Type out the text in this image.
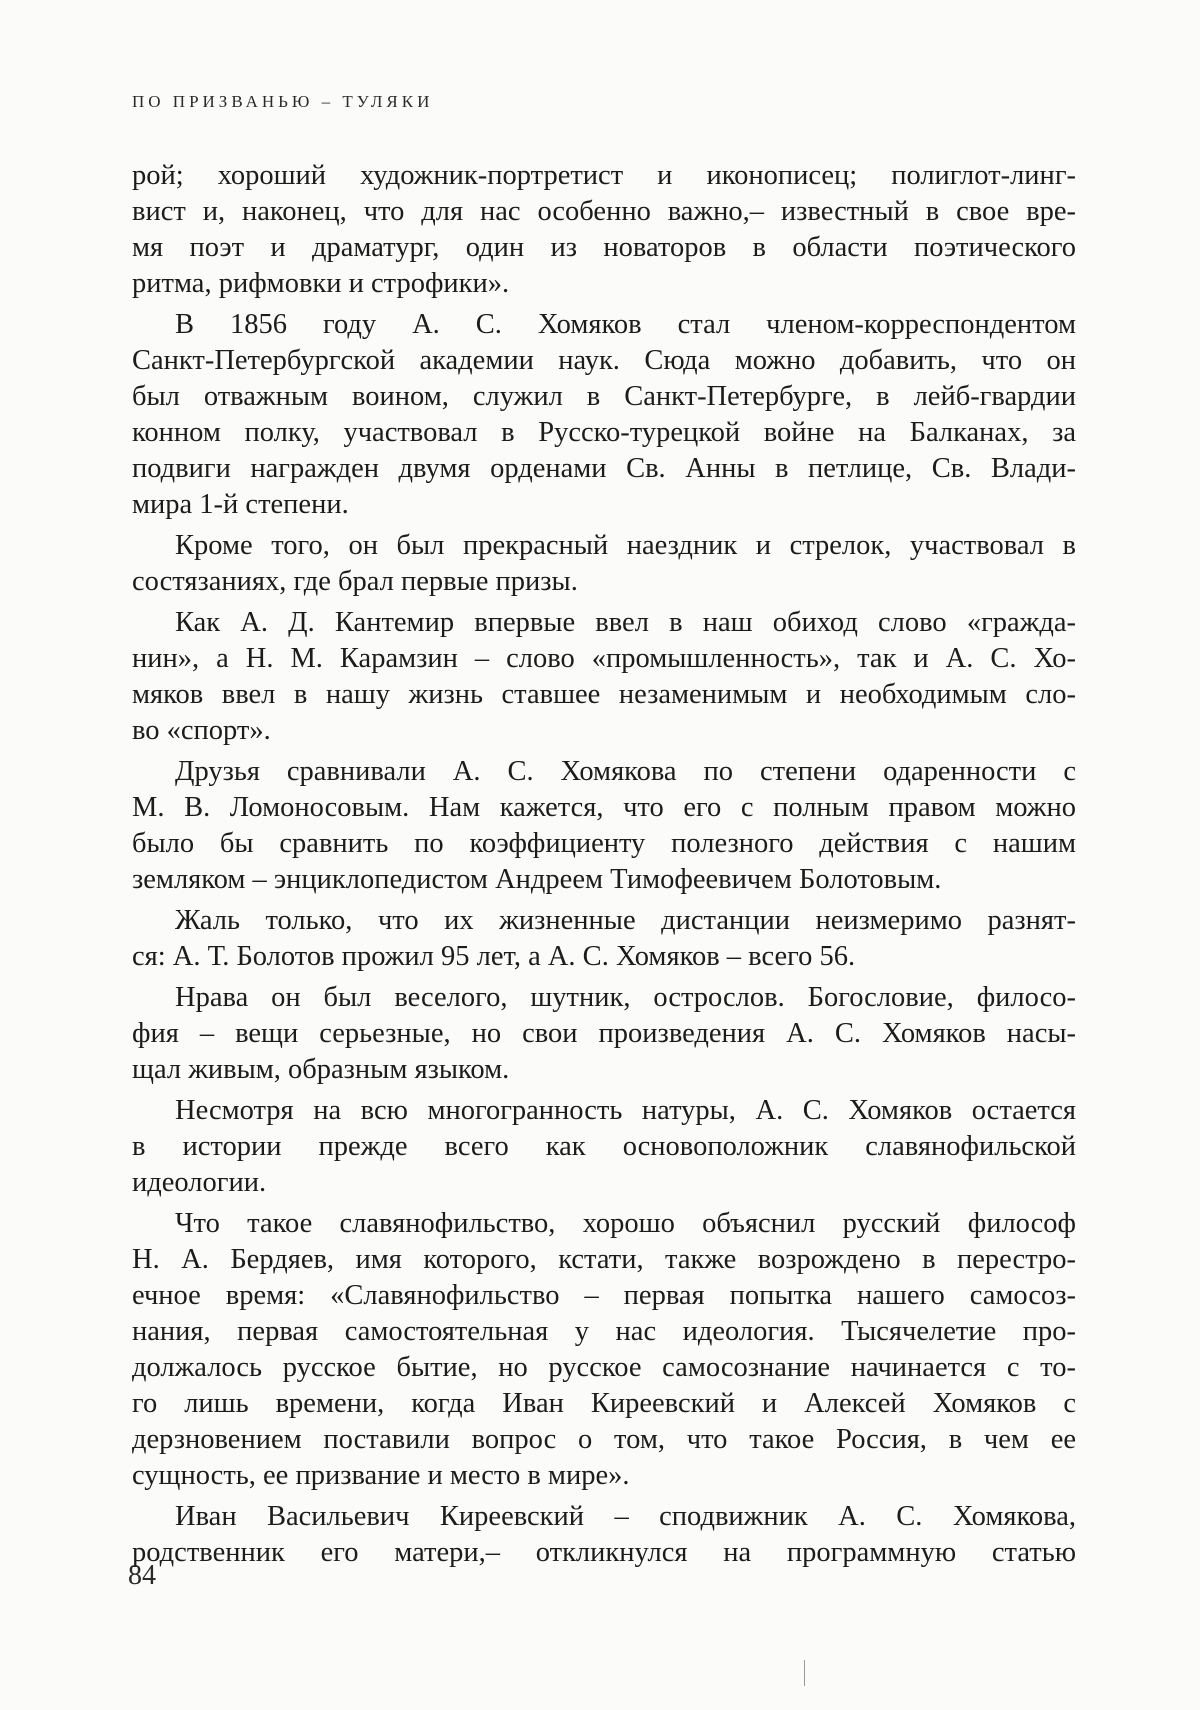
ПО ПРИЗВАНЬЮ – ТУЛЯКИ
рой; хороший художник-портретист и иконописец; полиглот-линг-
вист и, наконец, что для нас особенно важно,– известный в свое вре-
мя поэт и драматург, один из новаторов в области поэтического
ритма, рифмовки и строфики».
В 1856 году А. С. Хомяков стал членом-корреспондентом
Санкт-Петербургской академии наук. Сюда можно добавить, что он
был отважным воином, служил в Санкт-Петербурге, в лейб-гвардии
конном полку, участвовал в Русско-турецкой войне на Балканах, за
подвиги награжден двумя орденами Св. Анны в петлице, Св. Влади-
мира 1-й степени.
Кроме того, он был прекрасный наездник и стрелок, участвовал в
состязаниях, где брал первые призы.
Как А. Д. Кантемир впервые ввел в наш обиход слово «гражда-
нин», а Н. М. Карамзин – слово «промышленность», так и А. С. Хо-
мяков ввел в нашу жизнь ставшее незаменимым и необходимым сло-
во «спорт».
Друзья сравнивали А. С. Хомякова по степени одаренности с
М. В. Ломоносовым. Нам кажется, что его с полным правом можно
было бы сравнить по коэффициенту полезного действия с нашим
земляком – энциклопедистом Андреем Тимофеевичем Болотовым.
Жаль только, что их жизненные дистанции неизмеримо разнят-
ся: А. Т. Болотов прожил 95 лет, а А. С. Хомяков – всего 56.
Нрава он был веселого, шутник, острослов. Богословие, филосо-
фия – вещи серьезные, но свои произведения А. С. Хомяков насы-
щал живым, образным языком.
Несмотря на всю многогранность натуры, А. С. Хомяков остается
в истории прежде всего как основоположник славянофильской
идеологии.
Что такое славянофильство, хорошо объяснил русский философ
Н. А. Бердяев, имя которого, кстати, также возрождено в перестро-
ечное время: «Славянофильство – первая попытка нашего самосоз-
нания, первая самостоятельная у нас идеология. Тысячелетие про-
должалось русское бытие, но русское самосознание начинается с то-
го лишь времени, когда Иван Киреевский и Алексей Хомяков с
дерзновением поставили вопрос о том, что такое Россия, в чем ее
сущность, ее призвание и место в мире».
Иван Васильевич Киреевский – сподвижник А. С. Хомякова,
родственник его матери,– откликнулся на программную статью
84
